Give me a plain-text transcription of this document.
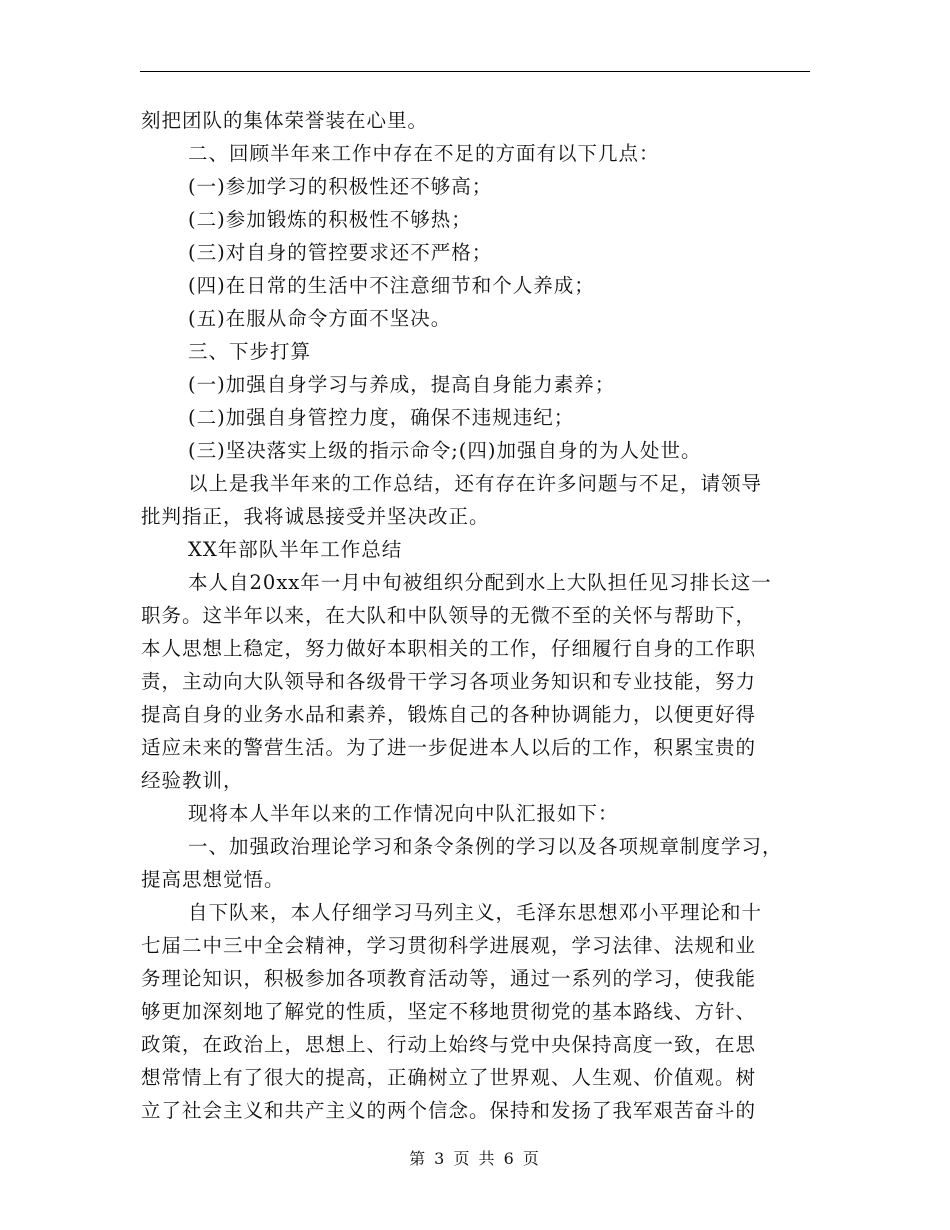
刻把团队的集体荣誉装在心里。
二、回顾半年来工作中存在不足的方面有以下几点：
(一)参加学习的积极性还不够高；
(二)参加锻炼的积极性不够热；
(三)对自身的管控要求还不严格；
(四)在日常的生活中不注意细节和个人养成；
(五)在服从命令方面不坚决。
三、下步打算
(一)加强自身学习与养成，提高自身能力素养；
(二)加强自身管控力度，确保不违规违纪；
(三)坚决落实上级的指示命令;(四)加强自身的为人处世。
以上是我半年来的工作总结，还有存在许多问题与不足，请领导
批判指正，我将诚恳接受并坚决改正。
XX年部队半年工作总结
本人自20xx年一月中旬被组织分配到水上大队担任见习排长这一
职务。这半年以来，在大队和中队领导的无微不至的关怀与帮助下，
本人思想上稳定，努力做好本职相关的工作，仔细履行自身的工作职
责，主动向大队领导和各级骨干学习各项业务知识和专业技能，努力
提高自身的业务水品和素养，锻炼自己的各种协调能力，以便更好得
适应未来的警营生活。为了进一步促进本人以后的工作，积累宝贵的
经验教训，
现将本人半年以来的工作情况向中队汇报如下：
一、加强政治理论学习和条令条例的学习以及各项规章制度学习，
提高思想觉悟。
自下队来，本人仔细学习马列主义，毛泽东思想邓小平理论和十
七届二中三中全会精神，学习贯彻科学进展观，学习法律、法规和业
务理论知识，积极参加各项教育活动等，通过一系列的学习，使我能
够更加深刻地了解党的性质，坚定不移地贯彻党的基本路线、方针、
政策，在政治上，思想上、行动上始终与党中央保持高度一致，在思
想常情上有了很大的提高，正确树立了世界观、人生观、价值观。树
立了社会主义和共产主义的两个信念。保持和发扬了我军艰苦奋斗的
第 3 页 共 6 页
